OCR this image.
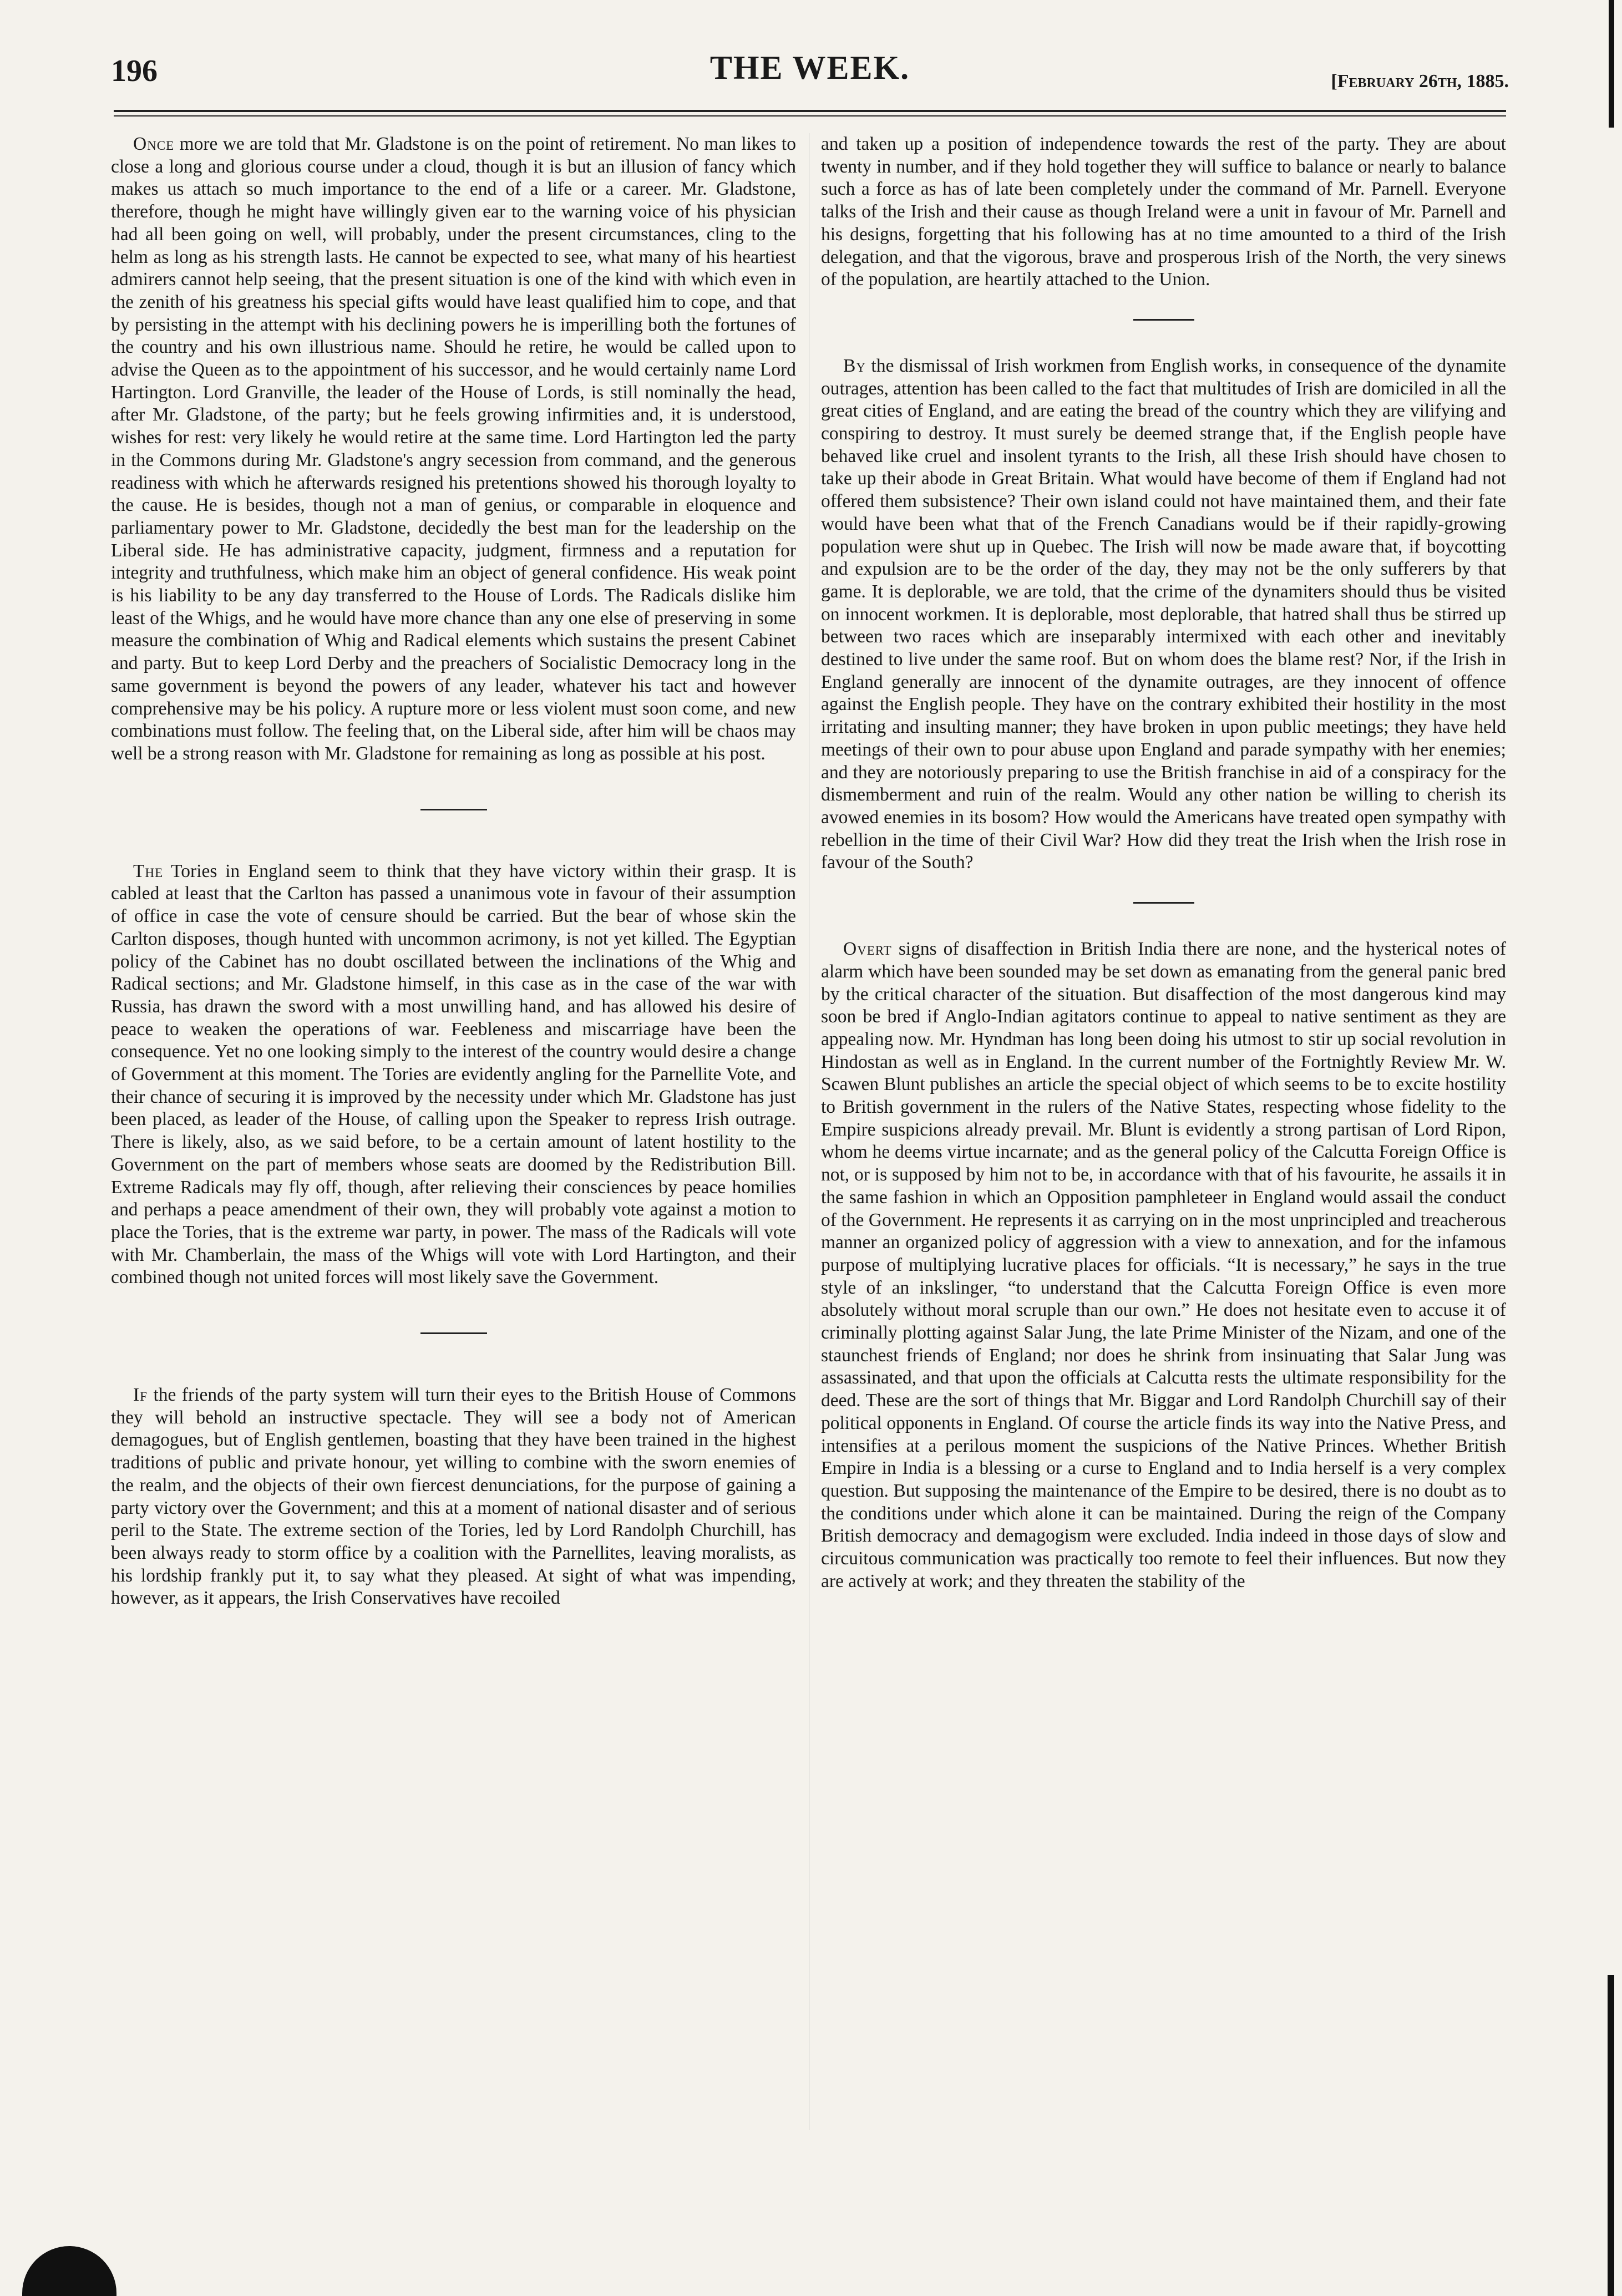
196	THE WEEK.	[February 26th, 1885.

Once more we are told that Mr. Gladstone is on the point of retirement. No man likes to close a long and glorious course under a cloud, though it is but an illusion of fancy which makes us attach so much importance to the end of a life or a career. Mr. Gladstone, therefore, though he might have willingly given ear to the warning voice of his physician had all been going on well, will probably, under the present circumstances, cling to the helm as long as his strength lasts. He cannot be expected to see, what many of his heartiest admirers cannot help seeing, that the present situation is one of the kind with which even in the zenith of his greatness his special gifts would have least qualified him to cope, and that by persisting in the attempt with his declining powers he is imperilling both the fortunes of the country and his own illustrious name. Should he retire, he would be called upon to advise the Queen as to the appointment of his successor, and he would certainly name Lord Hartington. Lord Granville, the leader of the House of Lords, is still nominally the head, after Mr. Gladstone, of the party; but he feels growing infirmities and, it is understood, wishes for rest: very likely he would retire at the same time. Lord Hartington led the party in the Commons during Mr. Gladstone's angry secession from command, and the generous readiness with which he afterwards resigned his pretentions showed his thorough loyalty to the cause. He is besides, though not a man of genius, or comparable in eloquence and parliamentary power to Mr. Gladstone, decidedly the best man for the leadership on the Liberal side. He has administrative capacity, judgment, firmness and a reputation for integrity and truthfulness, which make him an object of general confidence. His weak point is his liability to be any day transferred to the House of Lords. The Radicals dislike him least of the Whigs, and he would have more chance than any one else of preserving in some measure the combination of Whig and Radical elements which sustains the present Cabinet and party. But to keep Lord Derby and the preachers of Socialistic Democracy long in the same government is beyond the powers of any leader, whatever his tact and however comprehensive may be his policy. A rupture more or less violent must soon come, and new combinations must follow. The feeling that, on the Liberal side, after him will be chaos may well be a strong reason with Mr. Gladstone for remaining as long as possible at his post.

The Tories in England seem to think that they have victory within their grasp. It is cabled at least that the Carlton has passed a unanimous vote in favour of their assumption of office in case the vote of censure should be carried. But the bear of whose skin the Carlton disposes, though hunted with uncommon acrimony, is not yet killed. The Egyptian policy of the Cabinet has no doubt oscillated between the inclinations of the Whig and Radical sections; and Mr. Gladstone himself, in this case as in the case of the war with Russia, has drawn the sword with a most unwilling hand, and has allowed his desire of peace to weaken the operations of war. Feebleness and miscarriage have been the consequence. Yet no one looking simply to the interest of the country would desire a change of Government at this moment. The Tories are evidently angling for the Parnellite Vote, and their chance of securing it is improved by the necessity under which Mr. Gladstone has just been placed, as leader of the House, of calling upon the Speaker to repress Irish outrage. There is likely, also, as we said before, to be a certain amount of latent hostility to the Government on the part of members whose seats are doomed by the Redistribution Bill. Extreme Radicals may fly off, though, after relieving their consciences by peace homilies and perhaps a peace amendment of their own, they will probably vote against a motion to place the Tories, that is the extreme war party, in power. The mass of the Radicals will vote with Mr. Chamberlain, the mass of the Whigs will vote with Lord Hartington, and their combined though not united forces will most likely save the Government.

If the friends of the party system will turn their eyes to the British House of Commons they will behold an instructive spectacle. They will see a body not of American demagogues, but of English gentlemen, boasting that they have been trained in the highest traditions of public and private honour, yet willing to combine with the sworn enemies of the realm, and the objects of their own fiercest denunciations, for the purpose of gaining a party victory over the Government; and this at a moment of national disaster and of serious peril to the State. The extreme section of the Tories, led by Lord Randolph Churchill, has been always ready to storm office by a coalition with the Parnellites, leaving moralists, as his lordship frankly put it, to say what they pleased. At sight of what was impending, however, as it appears, the Irish Conservatives have recoiled

and taken up a position of independence towards the rest of the party. They are about twenty in number, and if they hold together they will suffice to balance or nearly to balance such a force as has of late been completely under the command of Mr. Parnell. Everyone talks of the Irish and their cause as though Ireland were a unit in favour of Mr. Parnell and his designs, forgetting that his following has at no time amounted to a third of the Irish delegation, and that the vigorous, brave and prosperous Irish of the North, the very sinews of the population, are heartily attached to the Union.

By the dismissal of Irish workmen from English works, in consequence of the dynamite outrages, attention has been called to the fact that multitudes of Irish are domiciled in all the great cities of England, and are eating the bread of the country which they are vilifying and conspiring to destroy. It must surely be deemed strange that, if the English people have behaved like cruel and insolent tyrants to the Irish, all these Irish should have chosen to take up their abode in Great Britain. What would have become of them if England had not offered them subsistence? Their own island could not have maintained them, and their fate would have been what that of the French Canadians would be if their rapidly-growing population were shut up in Quebec. The Irish will now be made aware that, if boycotting and expulsion are to be the order of the day, they may not be the only sufferers by that game. It is deplorable, we are told, that the crime of the dynamiters should thus be visited on innocent workmen. It is deplorable, most deplorable, that hatred shall thus be stirred up between two races which are inseparably intermixed with each other and inevitably destined to live under the same roof. But on whom does the blame rest? Nor, if the Irish in England generally are innocent of the dynamite outrages, are they innocent of offence against the English people. They have on the contrary exhibited their hostility in the most irritating and insulting manner; they have broken in upon public meetings; they have held meetings of their own to pour abuse upon England and parade sympathy with her enemies; and they are notoriously preparing to use the British franchise in aid of a conspiracy for the dismemberment and ruin of the realm. Would any other nation be willing to cherish its avowed enemies in its bosom? How would the Americans have treated open sympathy with rebellion in the time of their Civil War? How did they treat the Irish when the Irish rose in favour of the South?

Overt signs of disaffection in British India there are none, and the hysterical notes of alarm which have been sounded may be set down as emanating from the general panic bred by the critical character of the situation. But disaffection of the most dangerous kind may soon be bred if Anglo-Indian agitators continue to appeal to native sentiment as they are appealing now. Mr. Hyndman has long been doing his utmost to stir up social revolution in Hindostan as well as in England. In the current number of the Fortnightly Review Mr. W. Scawen Blunt publishes an article the special object of which seems to be to excite hostility to British government in the rulers of the Native States, respecting whose fidelity to the Empire suspicions already prevail. Mr. Blunt is evidently a strong partisan of Lord Ripon, whom he deems virtue incarnate; and as the general policy of the Calcutta Foreign Office is not, or is supposed by him not to be, in accordance with that of his favourite, he assails it in the same fashion in which an Opposition pamphleteer in England would assail the conduct of the Government. He represents it as carrying on in the most unprincipled and treacherous manner an organized policy of aggression with a view to annexation, and for the infamous purpose of multiplying lucrative places for officials. “It is necessary,” he says in the true style of an inkslinger, “to understand that the Calcutta Foreign Office is even more absolutely without moral scruple than our own.” He does not hesitate even to accuse it of criminally plotting against Salar Jung, the late Prime Minister of the Nizam, and one of the staunchest friends of England; nor does he shrink from insinuating that Salar Jung was assassinated, and that upon the officials at Calcutta rests the ultimate responsibility for the deed. These are the sort of things that Mr. Biggar and Lord Randolph Churchill say of their political opponents in England. Of course the article finds its way into the Native Press, and intensifies at a perilous moment the suspicions of the Native Princes. Whether British Empire in India is a blessing or a curse to England and to India herself is a very complex question. But supposing the maintenance of the Empire to be desired, there is no doubt as to the conditions under which alone it can be maintained. During the reign of the Company British democracy and demagogism were excluded. India indeed in those days of slow and circuitous communication was practically too remote to feel their influences. But now they are actively at work; and they threaten the stability of the
